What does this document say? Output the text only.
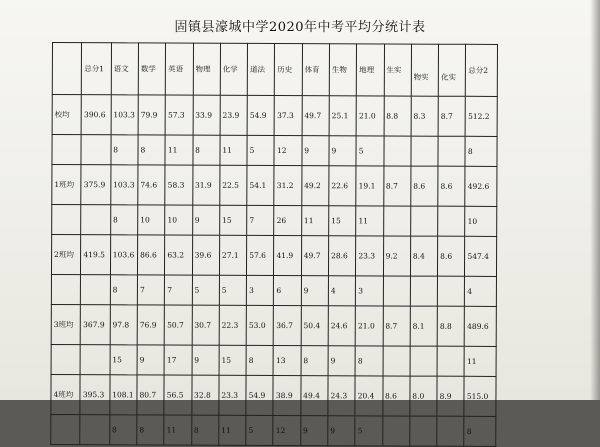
固镇县濠城中学2020年中考平均分统计表
	总分1	语文	数学	英语	物理	化学	道法	历史	体育	生物	地理	生实	物实	化实	总分2
校均	390.6	103.3	79.9	57.3	33.9	23.9	54.9	37.3	49.7	25.1	21.0	8.8	8.3	8.7	512.2
		8	8	11	8	11	5	12	9	9	5				8
1班均	375.9	103.3	74.6	58.3	31.9	22.5	54.1	31.2	49.2	22.6	19.1	8.7	8.6	8.6	492.6
		8	10	10	9	15	7	26	11	15	11				10
2班均	419.5	103.6	86.6	63.2	39.6	27.1	57.6	41.9	49.7	28.6	23.3	9.2	8.4	8.6	547.4
		8	7	7	5	5	3	6	9	4	3				4
3班均	367.9	97.8	76.9	50.7	30.7	22.3	53.0	36.7	50.4	24.6	21.0	8.7	8.1	8.8	489.6
		15	9	17	9	15	8	13	8	9	8				11
4班均	395.3	108.1	80.7	56.5	32.8	23.3	54.9	38.9	49.4	24.3	20.4	8.6	8.0	8.9	515.0
		8	8	11	8	11	5	12	9	9	5				8
